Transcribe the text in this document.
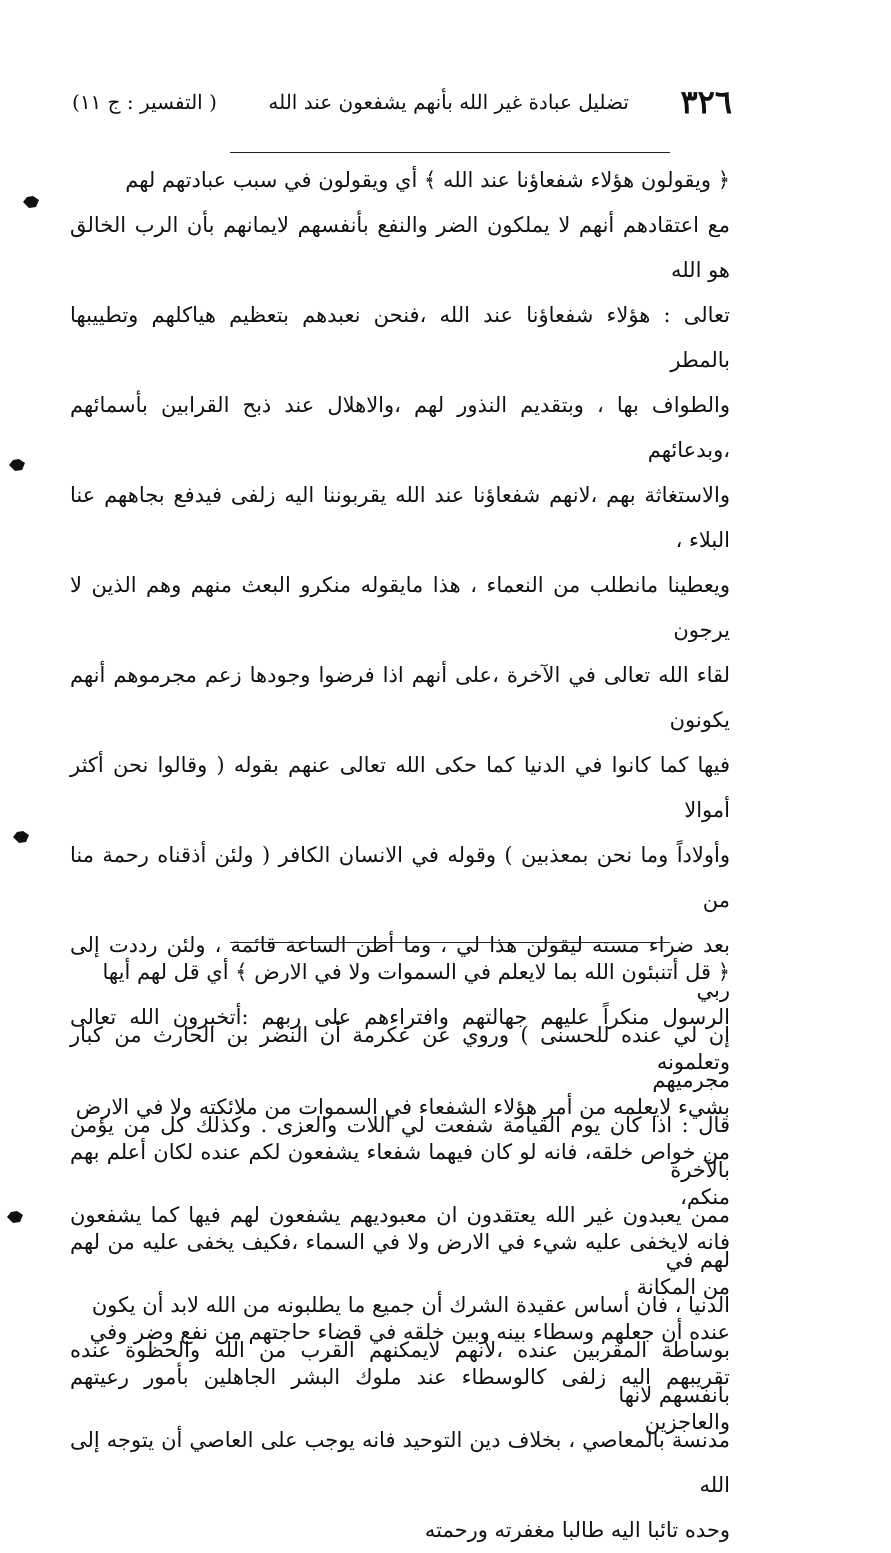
٣٢٦
تضليل عبادة غير الله بأنهم يشفعون عند الله
( التفسير : ج ١١)

﴿ ويقولون هؤلاء شفعاؤنا عند الله ﴾ أي ويقولون في سبب عبادتهم لهم

مع اعتقادهم أنهم لا يملكون الضر والنفع بأنفسهم لايمانهم بأن الرب الخالق هو الله

تعالى : هؤلاء شفعاؤنا عند الله ،فنحن نعبدهم بتعظيم هياكلهم وتطييبها بالمطر

والطواف بها ، وبتقديم النذور لهم ،والاهلال عند ذبح القرابين بأسمائهم ،وبدعائهم

والاستغاثة بهم ،لانهم شفعاؤنا عند الله يقربوننا اليه زلفى فيدفع بجاههم عنا البلاء ،

ويعطينا مانطلب من النعماء ، هذا مايقوله منكرو البعث منهم وهم الذين لا يرجون

لقاء الله تعالى في الآخرة ،على أنهم اذا فرضوا وجودها زعم مجرموهم أنهم يكونون

فيها كما كانوا في الدنيا كما حكى الله تعالى عنهم بقوله ( وقالوا نحن أكثر أموالا

وأولاداً وما نحن بمعذبين ) وقوله في الانسان الكافر ( ولئن أذقناه رحمة منا من

بعد ضراء مسته ليقولن هذا لي ، وما أظن الساعة قائمة ، ولئن رددت إلى ربي

إن لي عنده للحسنى ) وروي عن عكرمة أن النضر بن الحارث من كبار مجرميهم

قال : اذا كان يوم القيامة شفعت لي اللات والعزى . وكذلك كل من يؤمن بالآخرة

ممن يعبدون غير الله يعتقدون ان معبوديهم يشفعون لهم فيها كما يشفعون لهم في

الدنيا ، فان أساس عقيدة الشرك أن جميع ما يطلبونه من الله لابد أن يكون

بوساطة المقربين عنده ،لأنهم لايمكنهم القرب من الله والحظوة عنده بأنفسهم لانها

مدنسة بالمعاصي ، بخلاف دين التوحيد فانه يوجب على العاصي أن يتوجه إلى الله

وحده تائبا اليه طالبا مغفرته ورحمته

﴿ قل أتنبئون الله بما لايعلم في السموات ولا في الارض ﴾ أي قل لهم أيها

الرسول منكراً عليهم جهالتهم وافتراءهم على ربهم :أتخبرون الله تعالى وتعلمونه

بشيء لايعلمه من أمر هؤلاء الشفعاء في السموات من ملائكته ولا في الارض

من خواص خلقه، فانه لو كان فيهما شفعاء يشفعون لكم عنده لكان أعلم بهم منكم،

فانه لايخفى عليه شيء في الارض ولا في السماء ،فكيف يخفى عليه من لهم من المكانة

عنده أن جعلهم وسطاء بينه وبين خلقه في قضاء حاجتهم من نفع وضر وفي

تقريبهم اليه زلفى كالوسطاء عند ملوك البشر الجاهلين بأمور رعيتهم والعاجزين
